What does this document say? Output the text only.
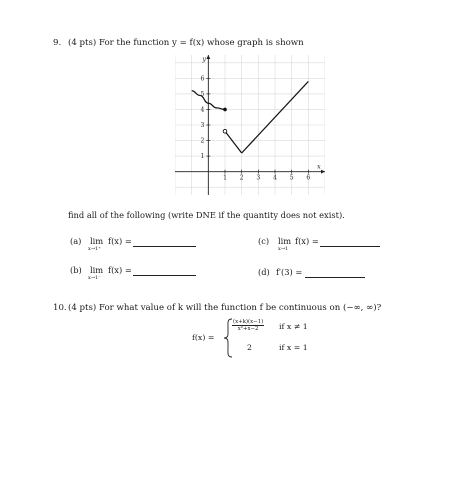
9. (4 pts) For the function y = f(x) whose graph is shown
1 2 3 4 5 6
1
2
3
4
5
6
x
y
find all of the following (write DNE if the quantity does not exist).
(a) lim
x→1⁺
f(x) =
(b) lim
x→1⁻
f(x) =
(c) lim
x→1
f(x) =
(d) f′(3) =
10. (4 pts) For what value of k will the function f be continuous on (−∞, ∞)?
f(x) =
$\frac{(x+k)(x-1)}{\text{x²+x−2}}$ if x ≠ 1
2	if x = 1
